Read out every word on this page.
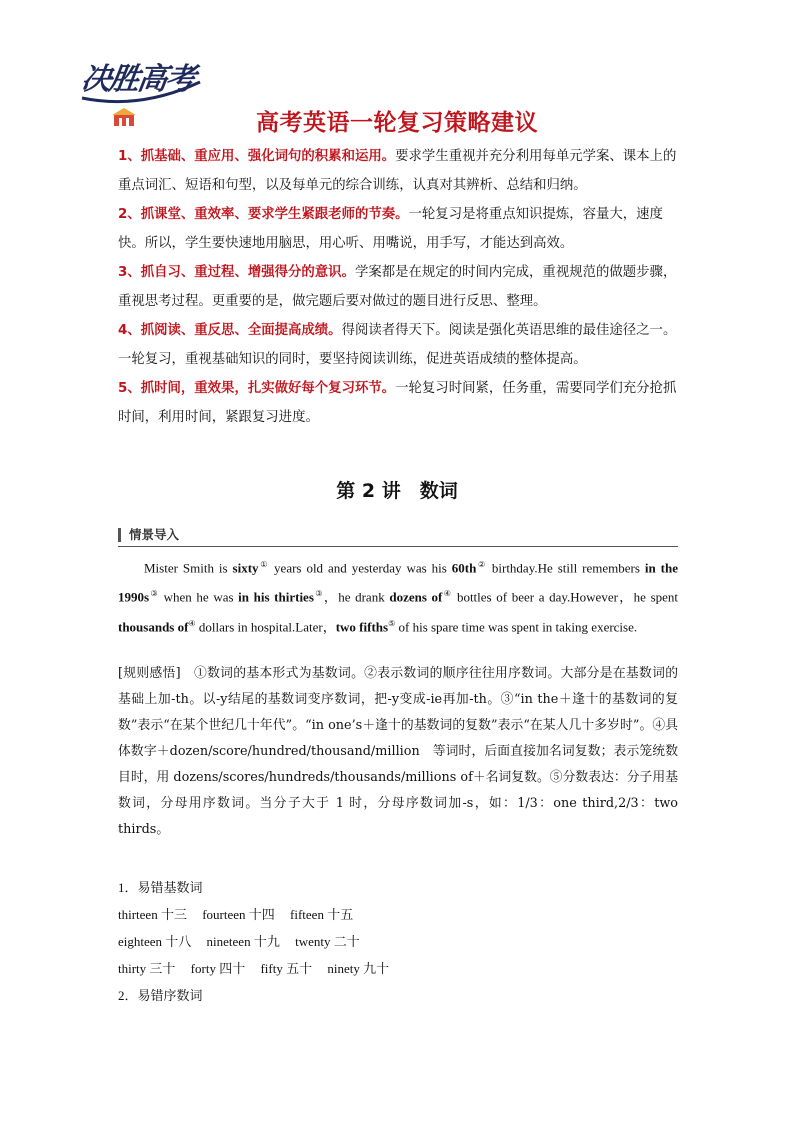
决胜高考
高考英语一轮复习策略建议

1、抓基础、重应用、强化词句的积累和运用。要求学生重视并充分利用每单元学案、课本上的重点词汇、短语和句型，以及每单元的综合训练，认真对其辨析、总结和归纳。

2、抓课堂、重效率、要求学生紧跟老师的节奏。一轮复习是将重点知识提炼，容量大，速度快。所以，学生要快速地用脑思，用心听、用嘴说，用手写，才能达到高效。

3、抓自习、重过程、增强得分的意识。学案都是在规定的时间内完成，重视规范的做题步骤，重视思考过程。更重要的是，做完题后要对做过的题目进行反思、整理。

4、抓阅读、重反思、全面提高成绩。得阅读者得天下。阅读是强化英语思维的最佳途径之一。一轮复习，重视基础知识的同时，要坚持阅读训练，促进英语成绩的整体提高。

5、抓时间，重效果，扎实做好每个复习环节。一轮复习时间紧，任务重，需要同学们充分抢抓时间，利用时间，紧跟复习进度。

第 2 讲　数词
情景导入

Mister Smith is sixty① years old and yesterday was his 60th② birthday.He still remembers in the 1990s③ when he was in his thirties③，he drank dozens of④ bottles of beer a day.However，he spent thousands of④ dollars in hospital.Later，two fifths⑤ of his spare time was spent in taking exercise.

[规则感悟]　①数词的基本形式为基数词。②表示数词的顺序往往用序数词。大部分是在基数词的基础上加-th。以-y结尾的基数词变序数词，把-y变成-ie再加-th。③“in the＋逢十的基数词的复数”表示“在某个世纪几十年代”。“in one’s＋逢十的基数词的复数”表示“在某人几十多岁时”。④具体数字＋dozen/score/hundred/thousand/million　等词时，后面直接加名词复数；表示笼统数目时，用 dozens/scores/hundreds/thousands/millions of＋名词复数。⑤分数表达：分子用基数词，分母用序数词。当分子大于 1 时，分母序数词加-s，如：1/3：one third,2/3：two thirds。
1．易错基数词
thirteen 十三 fourteen 十四 fifteen 十五
eighteen 十八 nineteen 十九 twenty 二十
thirty 三十 forty 四十 fifty 五十 ninety 九十
2．易错序数词
